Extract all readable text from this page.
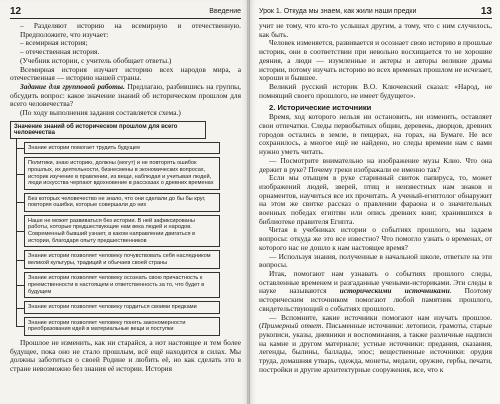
12	Введение
– Разделяют историю на всемирную и отечественную. Предположите, что изучает:
– всемирная история;
– отечественная история.

(Учебник истории, с учитель обобщает ответы.)

Всемирная история изучает историю всех народов мира, а отечественная — историю нашей страны.

Задание для групповой работы. Предлагаю, разбившись на группы, обсудить вопрос: какое значение знаний об историческом прошлом для всего человечества?

(По ходу выполнения задания составляется схема.)

Значение знаний об историческом прошлом для всего человечества
Знание истории помогает трудить будущее
Политики, знаю историю, должны (могут) и не повторять ошибок прошлых, их деятельности, бизнесмены в экономических вопросах, историк изучение в правлении, из вещи, наблюдая и учитывая людей, люди искусства черпают вдохновение в рассказах о древних временах
Без которых человечество не знало, что они сделали до бы бы круг, повторяя ошибки, которые совершали до них
Наше не может развиваться без истории. В ней зафиксированы работы, которые предшествующие нам века людей и народов. Современный бывший узнает, в каком направлении двигаться в истории, благодаря опыту предшественников
Знание истории позволяет человеку почувствовать себя наследником великой культуры, традиций и обычаев своей страны
Знание истории позволяет человеку осознать свою причастность к преемственности в настоящем и ответственность за то, что будет в будущем
Знание истории позволяет человеку гордиться своими предками
Знание истории позволяет человеку понять закономерности преобразования идей в материальные вещи и поступки

Прошлое не изменить, как ни старайся, а нот настоящее и тем более будущее, пока оно не стало прошлым, всё ещё находится в силах. Мы должны заботиться о своей Родине и любить её, но как сделать это в стране невозможно без знания её истории. История

Урок 1. Откуда мы знаем, как жили наши предки	13

учит не тому, что кто-то услышал другим, а тому, что с ним случилось, как быть.

Человек изменяется, развивается и осознает свою историю в прошлые историк, они в соответствии при невольно восхищается то не хорошие деяния, а люди — изумленные и актеры и авторы великие драмы истории, потому изучать историю во всех временах прошлом не исчезает, хороши и бывшее.

Великий русский историк В.О. Ключевский сказал: «Народ, не помнящий своего прошлого, не имеет будущего».

2. Исторические источники

Время, ход которого нельзя ни остановить, ни изменить, оставляет свои отпечатки. Следы первобытных общин, деревень, дворцов, древних городов остались в земле, в пещерах, на горах, на Бумаге. Не все сохранилось, а многое ещё не найдено, но следы времени нам с вами нужно уметь читать.

— Посмотрите внимательно на изображение музы Клио. Что она держит в руке? Почему греки изображали ее именно так?

Если мы отыщем в руке старинный свиток папируса, то, может изображений людей, зверей, птиц и неизвестных нам знаков и орнаментов, научиться все их прочитать. А ученый-египтолог обнаружит на этом же свитке рассказ о правлении фараона и о значительных военных победах египтян или опись древних книг, хранившихся в библиотеке правителя Египта.

Читая в учебниках истории о событиях прошлого, мы задаем вопросы: откуда же это все известно? Что помогло узнать о временах, от которого нас не дошло к нам настоящее время?

— Используя знания, полученные в начальной школе, ответьте на эти вопросы.

Итак, помогают нам узнавать о событиях прошлого следы, оставленные временем и разгаданные учеными-историками. Эти следы в науке называются историческими источниками. Поэтому историческим источником помогают любой памятник прошлого, свидетельствующий о событиях прошлого.

— Вспомните, какие источники помогают нам изучать прошлое. (Примерный ответ. Письменные источники: летописи, грамоты, старые рукописи, указы, дневники и воспоминания, а также различные надписи на камне и другом материале; устные источники: предания, сказания, легенды, былины, баллады, эпос; вещественные источники: орудия труда, домашняя утварь, одежда, монеты, медали, оружие, гербы, печати, постройки и другие архитектурные сооружения, все, что к
